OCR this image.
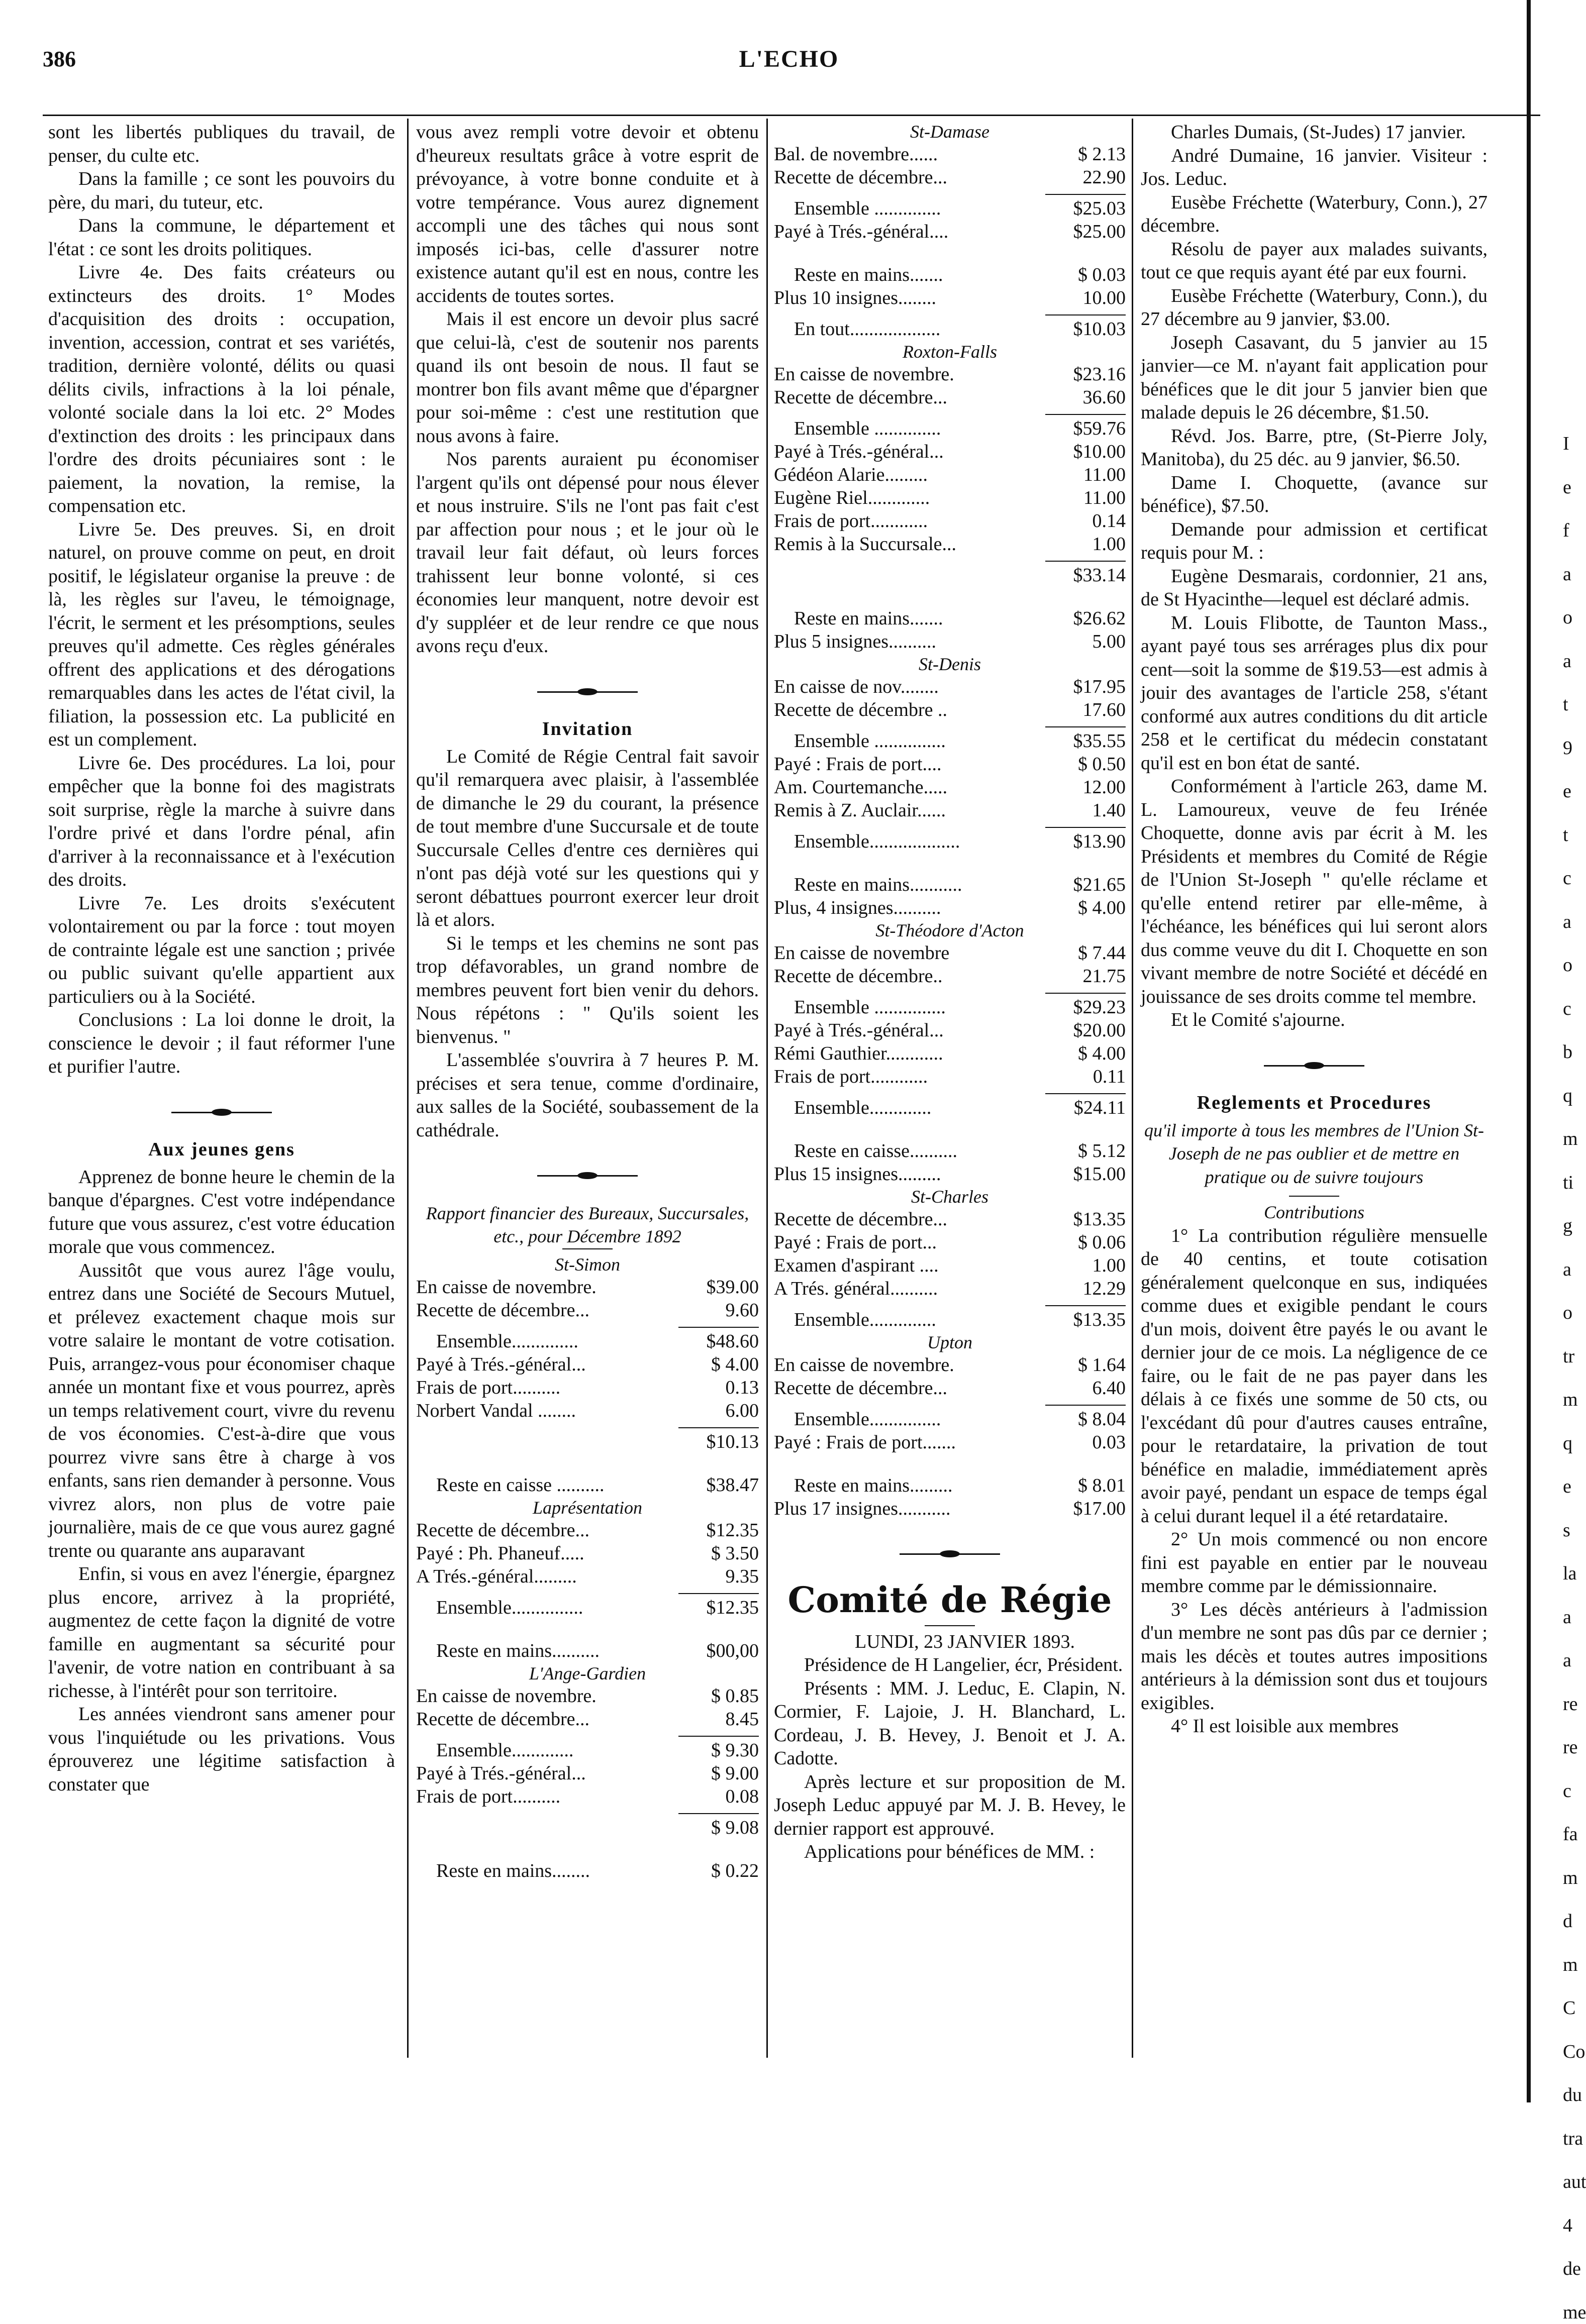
386	L'ECHO

sont les libertés publiques du travail, de penser, du culte etc.

Dans la famille ; ce sont les pouvoirs du père, du mari, du tuteur, etc.

Dans la commune, le département et l'état : ce sont les droits politiques.

Livre 4e. Des faits créateurs ou extincteurs des droits. 1° Modes d'acquisition des droits : occupation, invention, accession, contrat et ses variétés, tradition, dernière volonté, délits ou quasi délits civils, infractions à la loi pénale, volonté sociale dans la loi etc. 2° Modes d'extinction des droits : les principaux dans l'ordre des droits pécuniaires sont : le paiement, la novation, la remise, la compensation etc.

Livre 5e. Des preuves. Si, en droit naturel, on prouve comme on peut, en droit positif, le législateur organise la preuve : de là, les règles sur l'aveu, le témoignage, l'écrit, le serment et les présomptions, seules preuves qu'il admette. Ces règles générales offrent des applications et des dérogations remarquables dans les actes de l'état civil, la filiation, la possession etc. La publicité en est un complement.

Livre 6e. Des procédures. La loi, pour empêcher que la bonne foi des magistrats soit surprise, règle la marche à suivre dans l'ordre privé et dans l'ordre pénal, afin d'arriver à la reconnaissance et à l'exécution des droits.

Livre 7e. Les droits s'exécutent volontairement ou par la force : tout moyen de contrainte légale est une sanction ; privée ou public suivant qu'elle appartient aux particuliers ou à la Société.

Conclusions : La loi donne le droit, la conscience le devoir ; il faut réformer l'une et purifier l'autre.

Aux jeunes gens

Apprenez de bonne heure le chemin de la banque d'épargnes. C'est votre indépendance future que vous assurez, c'est votre éducation morale que vous commencez.

Aussitôt que vous aurez l'âge voulu, entrez dans une Société de Secours Mutuel, et prélevez exactement chaque mois sur votre salaire le montant de votre cotisation. Puis, arrangez-vous pour économiser chaque année un montant fixe et vous pourrez, après un temps relativement court, vivre du revenu de vos économies. C'est-à-dire que vous pourrez vivre sans être à charge à vos enfants, sans rien demander à personne. Vous vivrez alors, non plus de votre paie journalière, mais de ce que vous aurez gagné trente ou quarante ans auparavant

Enfin, si vous en avez l'énergie, épargnez plus encore, arrivez à la propriété, augmentez de cette façon la dignité de votre famille en augmentant sa sécurité pour l'avenir, de votre nation en contribuant à sa richesse, à l'intérêt pour son territoire.

Les années viendront sans amener pour vous l'inquiétude ou les privations. Vous éprouverez une légitime satisfaction à constater que

vous avez rempli votre devoir et obtenu d'heureux resultats grâce à votre esprit de prévoyance, à votre bonne conduite et à votre tempérance. Vous aurez dignement accompli une des tâches qui nous sont imposés ici-bas, celle d'assurer notre existence autant qu'il est en nous, contre les accidents de toutes sortes.

Mais il est encore un devoir plus sacré que celui-là, c'est de soutenir nos parents quand ils ont besoin de nous. Il faut se montrer bon fils avant même que d'épargner pour soi-même : c'est une restitution que nous avons à faire.

Nos parents auraient pu économiser l'argent qu'ils ont dépensé pour nous élever et nous instruire. S'ils ne l'ont pas fait c'est par affection pour nous ; et le jour où le travail leur fait défaut, où leurs forces trahissent leur bonne volonté, si ces économies leur manquent, notre devoir est d'y suppléer et de leur rendre ce que nous avons reçu d'eux.

Invitation

Le Comité de Régie Central fait savoir qu'il remarquera avec plaisir, à l'assemblée de dimanche le 29 du courant, la présence de tout membre d'une Succursale et de toute Succursale Celles d'entre ces dernières qui n'ont pas déjà voté sur les questions qui y seront débattues pourront exercer leur droit là et alors.

Si le temps et les chemins ne sont pas trop défavorables, un grand nombre de membres peuvent fort bien venir du dehors. Nous répétons : " Qu'ils soient les bienvenus. "

L'assemblée s'ouvrira à 7 heures P. M. précises et sera tenue, comme d'ordinaire, aux salles de la Société, soubassement de la cathédrale.

Rapport financier des Bureaux, Succursales, etc., pour Décembre 1892
St-Simon
En caisse de novembre.	$39.00
Recette de décembre...	9.60
Ensemble..............	$48.60
Payé à Trés.-général...	$ 4.00
Frais de port..........	0.13
Norbert Vandal ........	6.00
$10.13
Reste en caisse ..........	$38.47
Laprésentation
Recette de décembre...	$12.35
Payé : Ph. Phaneuf.....	$ 3.50
A Trés.-général.........	9.35
Ensemble...............	$12.35
Reste en mains..........	$00,00
L'Ange-Gardien
En caisse de novembre.	$ 0.85
Recette de décembre...	8.45
Ensemble.............	$ 9.30
Payé à Trés.-général...	$ 9.00
Frais de port..........	0.08
$ 9.08
Reste en mains........	$ 0.22
St-Damase
Bal. de novembre......	$ 2.13
Recette de décembre...	22.90
Ensemble ..............	$25.03
Payé à Trés.-général....	$25.00
Reste en mains.......	$ 0.03
Plus 10 insignes........	10.00
En tout...................	$10.03
Roxton-Falls
En caisse de novembre.	$23.16
Recette de décembre...	36.60
Ensemble ..............	$59.76
Payé à Trés.-général...	$10.00
Gédéon Alarie.........	11.00
Eugène Riel.............	11.00
Frais de port............	0.14
Remis à la Succursale...	1.00
$33.14
Reste en mains.......	$26.62
Plus 5 insignes..........	5.00
St-Denis
En caisse de nov........	$17.95
Recette de décembre ..	17.60
Ensemble ...............	$35.55
Payé : Frais de port....	$ 0.50
Am. Courtemanche.....	12.00
Remis à Z. Auclair......	1.40
Ensemble...................	$13.90
Reste en mains...........	$21.65
Plus, 4 insignes..........	$ 4.00
St-Théodore d'Acton
En caisse de novembre	$ 7.44
Recette de décembre..	21.75
Ensemble ...............	$29.23
Payé à Trés.-général...	$20.00
Rémi Gauthier............	$ 4.00
Frais de port............	0.11
Ensemble.............	$24.11
Reste en caisse..........	$ 5.12
Plus 15 insignes.........	$15.00
St-Charles
Recette de décembre...	$13.35
Payé : Frais de port...	$ 0.06
Examen d'aspirant ....	1.00
A Trés. général..........	12.29
Ensemble..............	$13.35
Upton
En caisse de novembre.	$ 1.64
Recette de décembre...	6.40
Ensemble...............	$ 8.04
Payé : Frais de port.......	0.03
Reste en mains.........	$ 8.01
Plus 17 insignes...........	$17.00
Comité de Régie

LUNDI, 23 JANVIER 1893.

Présidence de H Langelier, écr, Président.

Présents : MM. J. Leduc, E. Clapin, N. Cormier, F. Lajoie, J. H. Blanchard, L. Cordeau, J. B. Hevey, J. Benoit et J. A. Cadotte.

Après lecture et sur proposition de M. Joseph Leduc appuyé par M. J. B. Hevey, le dernier rapport est approuvé.

Applications pour bénéfices de MM. :

Charles Dumais, (St-Judes) 17 janvier.

André Dumaine, 16 janvier. Visiteur : Jos. Leduc.

Eusèbe Fréchette (Waterbury, Conn.), 27 décembre.

Résolu de payer aux malades suivants, tout ce que requis ayant été par eux fourni.

Eusèbe Fréchette (Waterbury, Conn.), du 27 décembre au 9 janvier, $3.00.

Joseph Casavant, du 5 janvier au 15 janvier—ce M. n'ayant fait application pour bénéfices que le dit jour 5 janvier bien que malade depuis le 26 décembre, $1.50.

Révd. Jos. Barre, ptre, (St-Pierre Joly, Manitoba), du 25 déc. au 9 janvier, $6.50.

Dame I. Choquette, (avance sur bénéfice), $7.50.

Demande pour admission et certificat requis pour M. :

Eugène Desmarais, cordonnier, 21 ans, de St Hyacinthe—lequel est déclaré admis.

M. Louis Flibotte, de Taunton Mass., ayant payé tous ses arrérages plus dix pour cent—soit la somme de $19.53—est admis à jouir des avantages de l'article 258, s'étant conformé aux autres conditions du dit article 258 et le certificat du médecin constatant qu'il est en bon état de santé.

Conformément à l'article 263, dame M. L. Lamoureux, veuve de feu Irénée Choquette, donne avis par écrit à M. les Présidents et membres du Comité de Régie de l'Union St-Joseph " qu'elle réclame et qu'elle entend retirer par elle-même, à l'échéance, les bénéfices qui lui seront alors dus comme veuve du dit I. Choquette en son vivant membre de notre Société et décédé en jouissance de ses droits comme tel membre.

Et le Comité s'ajourne.

Reglements et Procedures
qu'il importe à tous les membres de l'Union St-Joseph de ne pas oublier et de mettre en pratique ou de suivre toujours
Contributions

1° La contribution régulière mensuelle de 40 centins, et toute cotisation généralement quelconque en sus, indiquées comme dues et exigible pendant le cours d'un mois, doivent être payés le ou avant le dernier jour de ce mois. La négligence de ce faire, ou le fait de ne pas payer dans les délais à ce fixés une somme de 50 cts, ou l'excédant dû pour d'autres causes entraîne, pour le retardataire, la privation de tout bénéfice en maladie, immédiatement après avoir payé, pendant un espace de temps égal à celui durant lequel il a été retardataire.

2° Un mois commencé ou non encore fini est payable en entier par le nouveau membre comme par le démissionnaire.

3° Les décès antérieurs à l'admission d'un membre ne sont pas dûs par ce dernier ; mais les décès et toutes autres impositions antérieurs à la démission sont dus et toujours exigibles.

4° Il est loisible aux membres

I

e

f

a

o

a

t

9

e

t

c

a

o

c

b

q

m

ti

g

a

o

tr

m

q

e

s

la

a

a

re

re

c

fa

m

d

m

C

Co

du

tra

aut

4

de

me
